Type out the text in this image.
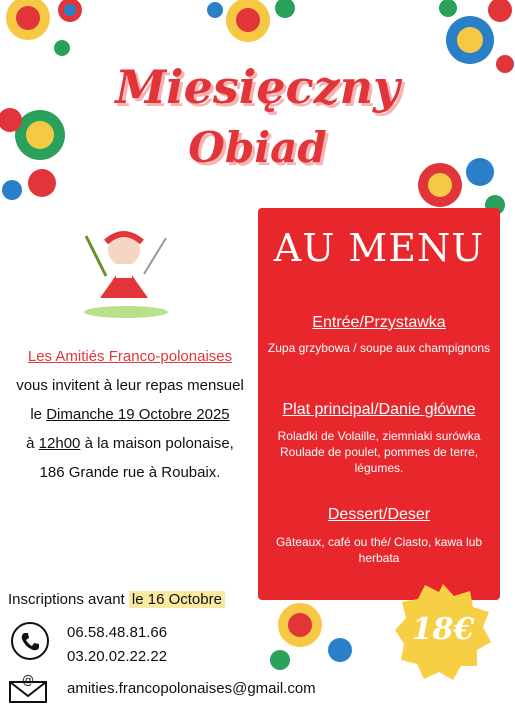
Miesięczny
Obiad
AU MENU
Entrée/Przystawka
Zupa grzybowa / soupe aux champignons
Plat principal/Danie główne
Roladki de Volaille, ziemniaki surówka Roulade de poulet, pommes de terre, légumes.
Dessert/Deser
Gâteaux, café ou thé/ Ciasto, kawa lub herbata
Les Amitiés Franco-polonaises
vous invitent à leur repas mensuel
le Dimanche 19 Octobre 2025
à 12h00 à la maison polonaise,
186 Grande rue à Roubaix.
Inscriptions avant le 16 Octobre
18€
06.58.48.81.66
03.20.02.22.22
@ amities.francopolonaises@gmail.com
